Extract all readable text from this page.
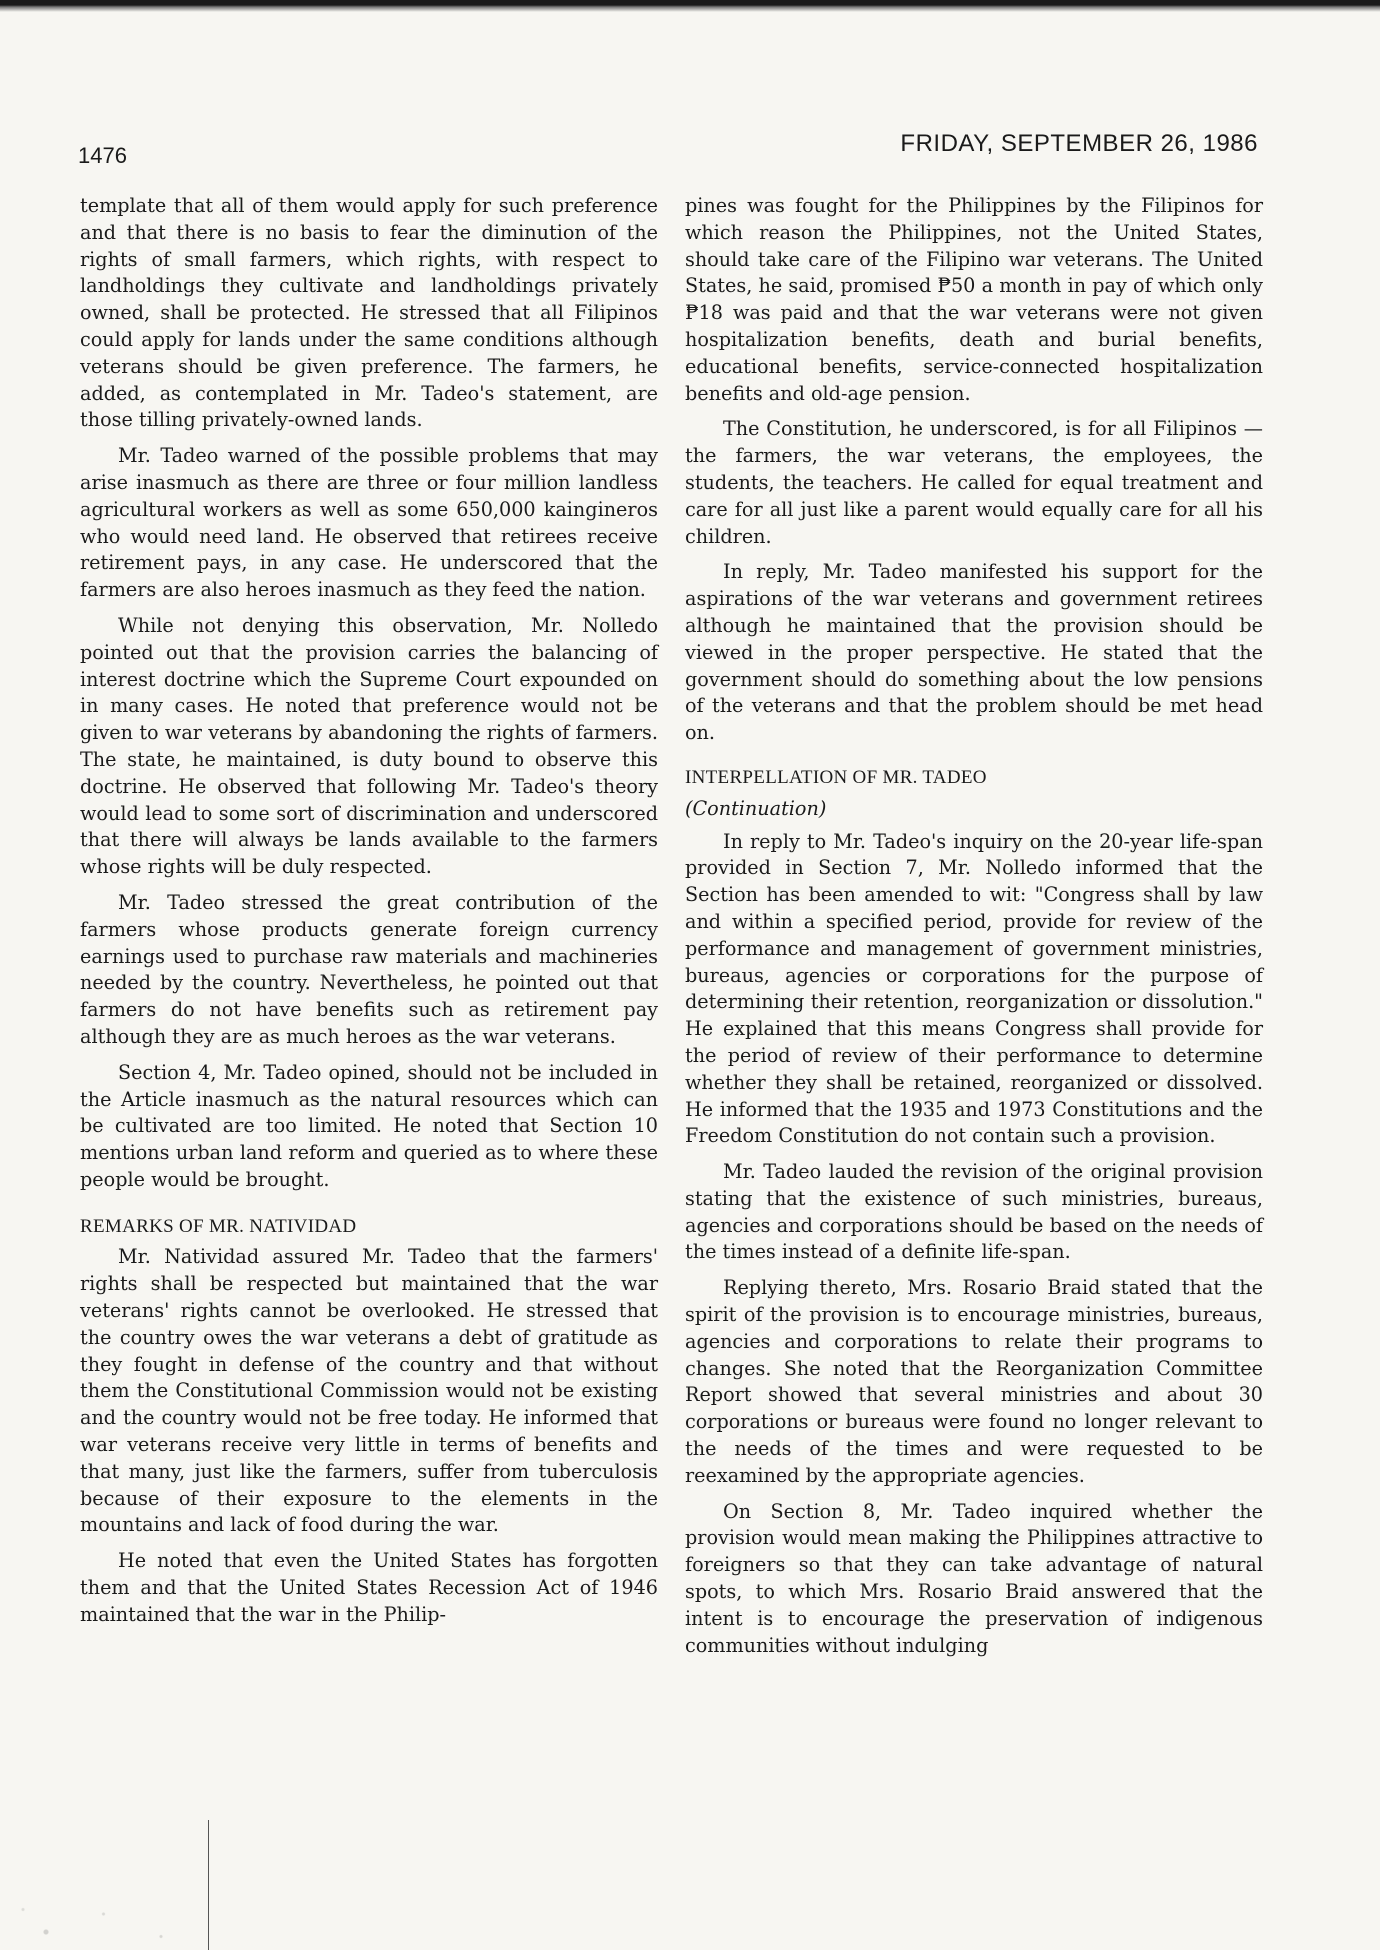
1476	FRIDAY, SEPTEMBER 26, 1986

template that all of them would apply for such preference and that there is no basis to fear the diminution of the rights of small farmers, which rights, with respect to landholdings they cultivate and landholdings privately owned, shall be protected. He stressed that all Filipinos could apply for lands under the same conditions although veterans should be given preference. The farmers, he added, as contemplated in Mr. Tadeo's statement, are those tilling privately-owned lands.

Mr. Tadeo warned of the possible problems that may arise inasmuch as there are three or four million landless agricultural workers as well as some 650,000 kaingineros who would need land. He observed that retirees receive retirement pays, in any case. He underscored that the farmers are also heroes inasmuch as they feed the nation.

While not denying this observation, Mr. Nolledo pointed out that the provision carries the balancing of interest doctrine which the Supreme Court expounded on in many cases. He noted that preference would not be given to war veterans by abandoning the rights of farmers. The state, he maintained, is duty bound to observe this doctrine. He observed that following Mr. Tadeo's theory would lead to some sort of discrimination and underscored that there will always be lands available to the farmers whose rights will be duly respected.

Mr. Tadeo stressed the great contribution of the farmers whose products generate foreign currency earnings used to purchase raw materials and machineries needed by the country. Nevertheless, he pointed out that farmers do not have benefits such as retirement pay although they are as much heroes as the war veterans.

Section 4, Mr. Tadeo opined, should not be included in the Article inasmuch as the natural resources which can be cultivated are too limited. He noted that Section 10 mentions urban land reform and queried as to where these people would be brought.

REMARKS OF MR. NATIVIDAD

Mr. Natividad assured Mr. Tadeo that the farmers' rights shall be respected but maintained that the war veterans' rights cannot be overlooked. He stressed that the country owes the war veterans a debt of gratitude as they fought in defense of the country and that without them the Constitutional Commission would not be existing and the country would not be free today. He informed that war veterans receive very little in terms of benefits and that many, just like the farmers, suffer from tuberculosis because of their exposure to the elements in the mountains and lack of food during the war.

He noted that even the United States has forgotten them and that the United States Recession Act of 1946 maintained that the war in the Philip-

pines was fought for the Philippines by the Filipinos for which reason the Philippines, not the United States, should take care of the Filipino war veterans. The United States, he said, promised ₱50 a month in pay of which only ₱18 was paid and that the war veterans were not given hospitalization benefits, death and burial benefits, educational benefits, service-connected hospitalization benefits and old-age pension.

The Constitution, he underscored, is for all Filipinos — the farmers, the war veterans, the employees, the students, the teachers. He called for equal treatment and care for all just like a parent would equally care for all his children.

In reply, Mr. Tadeo manifested his support for the aspirations of the war veterans and government retirees although he maintained that the provision should be viewed in the proper perspective. He stated that the government should do something about the low pensions of the veterans and that the problem should be met head on.

INTERPELLATION OF MR. TADEO
(Continuation)

In reply to Mr. Tadeo's inquiry on the 20-year life-span provided in Section 7, Mr. Nolledo informed that the Section has been amended to wit: "Congress shall by law and within a specified period, provide for review of the performance and management of government ministries, bureaus, agencies or corporations for the purpose of determining their retention, reorganization or dissolution." He explained that this means Congress shall provide for the period of review of their performance to determine whether they shall be retained, reorganized or dissolved. He informed that the 1935 and 1973 Constitutions and the Freedom Constitution do not contain such a provision.

Mr. Tadeo lauded the revision of the original provision stating that the existence of such ministries, bureaus, agencies and corporations should be based on the needs of the times instead of a definite life-span.

Replying thereto, Mrs. Rosario Braid stated that the spirit of the provision is to encourage ministries, bureaus, agencies and corporations to relate their programs to changes. She noted that the Reorganization Committee Report showed that several ministries and about 30 corporations or bureaus were found no longer relevant to the needs of the times and were requested to be reexamined by the appropriate agencies.

On Section 8, Mr. Tadeo inquired whether the provision would mean making the Philippines attractive to foreigners so that they can take advantage of natural spots, to which Mrs. Rosario Braid answered that the intent is to encourage the preservation of indigenous communities without indulging
